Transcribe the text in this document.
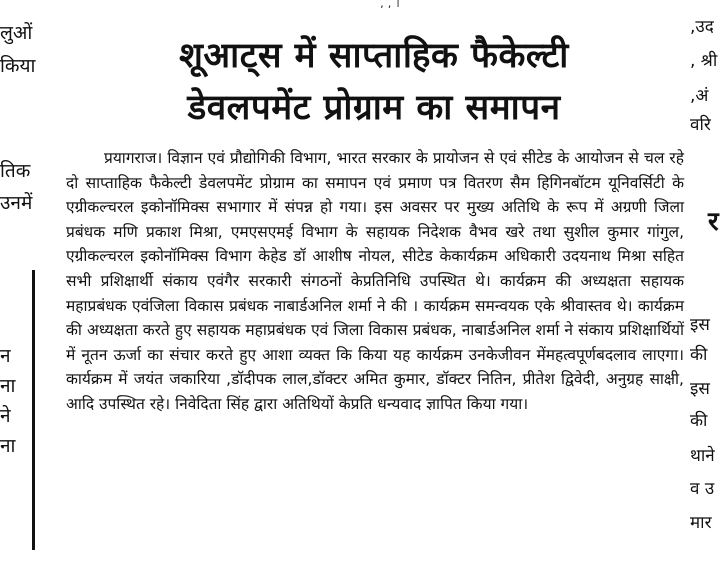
, , ।
लुओं
किया
तिक
उनमें
न
ना
ने
ना
,उद
, श्री
,अं
वरि
र
इस
की
इस
की
थाने
व उ
मार
शूआट्स में साप्ताहिक फैकेल्टी
डेवलपमेंट प्रोग्राम का समापन
प्रयागराज। विज्ञान एवं प्रौद्योगिकी विभाग, भारत सरकार के प्रायोजन से एवं सीटेड के आयोजन से चल रहे दो साप्ताहिक फैकेल्टी डेवलपमेंट प्रोग्राम का समापन एवं प्रमाण पत्र वितरण सैम हिगिनबॉटम यूनिवर्सिटी के एग्रीकल्चरल इकोनॉमिक्स सभागार में संपन्न हो गया। इस अवसर पर मुख्य अतिथि के रूप में अग्रणी जिला प्रबंधक मणि प्रकाश मिश्रा, एमएसएमई विभाग के सहायक निदेशक वैभव खरे तथा सुशील कुमार गांगुल, एग्रीकल्चरल इकोनॉमिक्स विभाग केहेड डॉ आशीष नोयल, सीटेड केकार्यक्रम अधिकारी उदयनाथ मिश्रा सहित सभी प्रशिक्षार्थी संकाय एवंगैर सरकारी संगठनों केप्रतिनिधि उपस्थित थे। कार्यक्रम की अध्यक्षता सहायक महाप्रबंधक एवंजिला विकास प्रबंधक नाबार्डअनिल शर्मा ने की । कार्यक्रम समन्वयक एके श्रीवास्तव थे। कार्यक्रम की अध्यक्षता करते हुए सहायक महाप्रबंधक एवं जिला विकास प्रबंधक, नाबार्डअनिल शर्मा ने संकाय प्रशिक्षार्थियों में नूतन ऊर्जा का संचार करते हुए आशा व्यक्त कि किया यह कार्यक्रम उनकेजीवन मेंमहत्वपूर्णबदलाव लाएगा। कार्यक्रम में जयंत जकारिया ,डॉदीपक लाल,डॉक्टर अमित कुमार, डॉक्टर नितिन, प्रीतेश द्विवेदी, अनुग्रह साक्षी, आदि उपस्थित रहे। निवेदिता सिंह द्वारा अतिथियों केप्रति धन्यवाद ज्ञापित किया गया।
